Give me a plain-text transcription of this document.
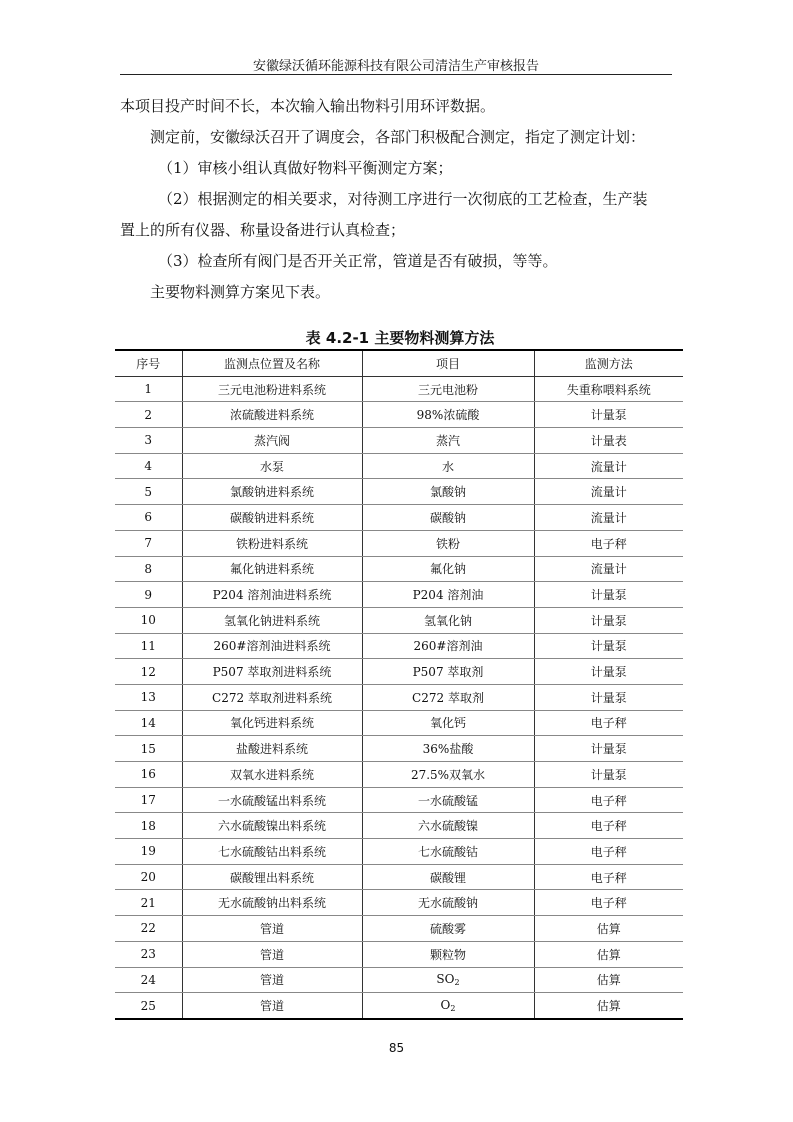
安徽绿沃循环能源科技有限公司清洁生产审核报告

本项目投产时间不长，本次输入输出物料引用环评数据。

测定前，安徽绿沃召开了调度会，各部门积极配合测定，指定了测定计划：

（1）审核小组认真做好物料平衡测定方案；

（2）根据测定的相关要求，对待测工序进行一次彻底的工艺检查，生产装

置上的所有仪器、称量设备进行认真检查；

（3）检查所有阀门是否开关正常，管道是否有破损，等等。

主要物料测算方案见下表。

表 4.2-1 主要物料测算方法
序号	监测点位置及名称	项目	监测方法
1	三元电池粉进料系统	三元电池粉	失重称喂料系统
2	浓硫酸进料系统	98%浓硫酸	计量泵
3	蒸汽阀	蒸汽	计量表
4	水泵	水	流量计
5	氯酸钠进料系统	氯酸钠	流量计
6	碳酸钠进料系统	碳酸钠	流量计
7	铁粉进料系统	铁粉	电子秤
8	氟化钠进料系统	氟化钠	流量计
9	P204 溶剂油进料系统	P204 溶剂油	计量泵
10	氢氧化钠进料系统	氢氧化钠	计量泵
11	260#溶剂油进料系统	260#溶剂油	计量泵
12	P507 萃取剂进料系统	P507 萃取剂	计量泵
13	C272 萃取剂进料系统	C272 萃取剂	计量泵
14	氧化钙进料系统	氧化钙	电子秤
15	盐酸进料系统	36%盐酸	计量泵
16	双氧水进料系统	27.5%双氧水	计量泵
17	一水硫酸锰出料系统	一水硫酸锰	电子秤
18	六水硫酸镍出料系统	六水硫酸镍	电子秤
19	七水硫酸钴出料系统	七水硫酸钴	电子秤
20	碳酸锂出料系统	碳酸锂	电子秤
21	无水硫酸钠出料系统	无水硫酸钠	电子秤
22	管道	硫酸雾	估算
23	管道	颗粒物	估算
24	管道	$SO_2$	估算
25	管道	$O_2$	估算
85
